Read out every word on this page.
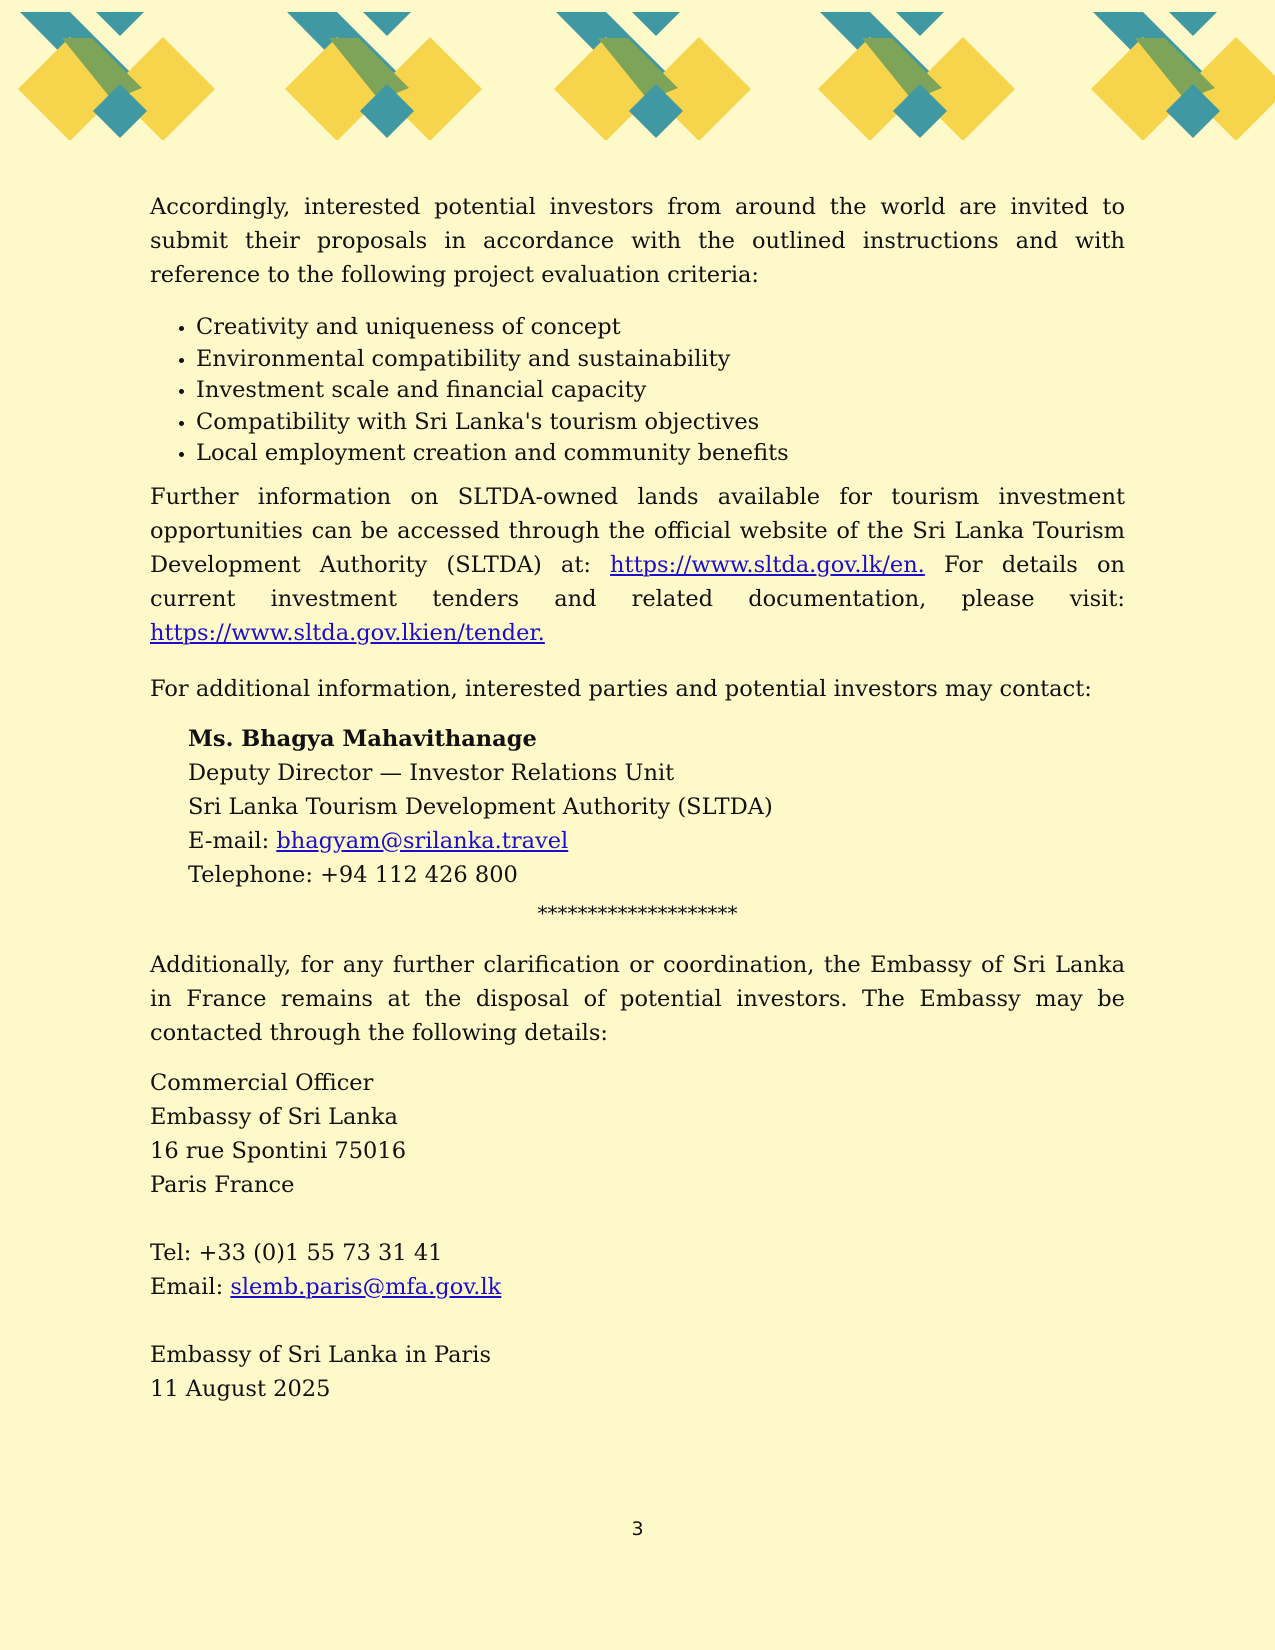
Accordingly, interested potential investors from around the world are invited to submit their proposals in accordance with the outlined instructions and with reference to the following project evaluation criteria:

• Creativity and uniqueness of concept
• Environmental compatibility and sustainability
• Investment scale and financial capacity
• Compatibility with Sri Lanka's tourism objectives
• Local employment creation and community benefits

Further information on SLTDA-owned lands available for tourism investment opportunities can be accessed through the official website of the Sri Lanka Tourism Development Authority (SLTDA) at: https://www.sltda.gov.lk/en. For details on current investment tenders and related documentation, please visit: https://www.sltda.gov.lkien/tender.

For additional information, interested parties and potential investors may contact:

Ms. Bhagya Mahavithanage
Deputy Director — Investor Relations Unit
Sri Lanka Tourism Development Authority (SLTDA)
E-mail: bhagyam@srilanka.travel
Telephone: +94 112 426 800
********************

Additionally, for any further clarification or coordination, the Embassy of Sri Lanka in France remains at the disposal of potential investors. The Embassy may be contacted through the following details:

Commercial Officer
Embassy of Sri Lanka
16 rue Spontini 75016
Paris France
Tel: +33 (0)1 55 73 31 41
Email: slemb.paris@mfa.gov.lk
Embassy of Sri Lanka in Paris
11 August 2025
3
